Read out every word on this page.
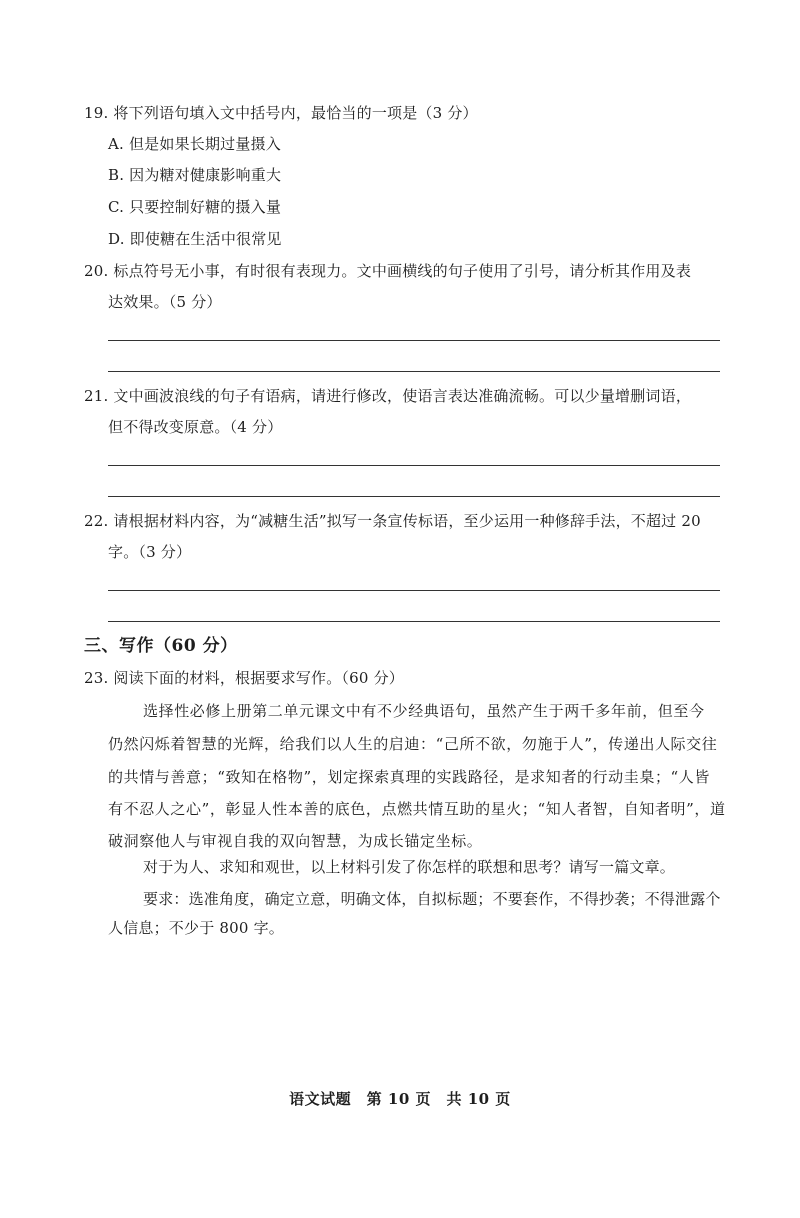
19. 将下列语句填入文中括号内，最恰当的一项是（3 分）
A. 但是如果长期过量摄入
B. 因为糖对健康影响重大
C. 只要控制好糖的摄入量
D. 即使糖在生活中很常见
20. 标点符号无小事，有时很有表现力。文中画横线的句子使用了引号，请分析其作用及表
达效果。（5 分）
21. 文中画波浪线的句子有语病，请进行修改，使语言表达准确流畅。可以少量增删词语，
但不得改变原意。（4 分）
22. 请根据材料内容，为“减糖生活”拟写一条宣传标语，至少运用一种修辞手法，不超过 20
字。（3 分）
三、写作（60 分）
23. 阅读下面的材料，根据要求写作。（60 分）
选择性必修上册第二单元课文中有不少经典语句，虽然产生于两千多年前，但至今
仍然闪烁着智慧的光辉，给我们以人生的启迪：“己所不欲，勿施于人”，传递出人际交往
的共情与善意；“致知在格物”，划定探索真理的实践路径，是求知者的行动圭臬；“人皆
有不忍人之心”，彰显人性本善的底色，点燃共情互助的星火；“知人者智，自知者明”，道
破洞察他人与审视自我的双向智慧，为成长锚定坐标。
对于为人、求知和观世，以上材料引发了你怎样的联想和思考？请写一篇文章。
要求：选准角度，确定立意，明确文体，自拟标题；不要套作，不得抄袭；不得泄露个
人信息；不少于 800 字。
语文试题　第 10 页　共 10 页
